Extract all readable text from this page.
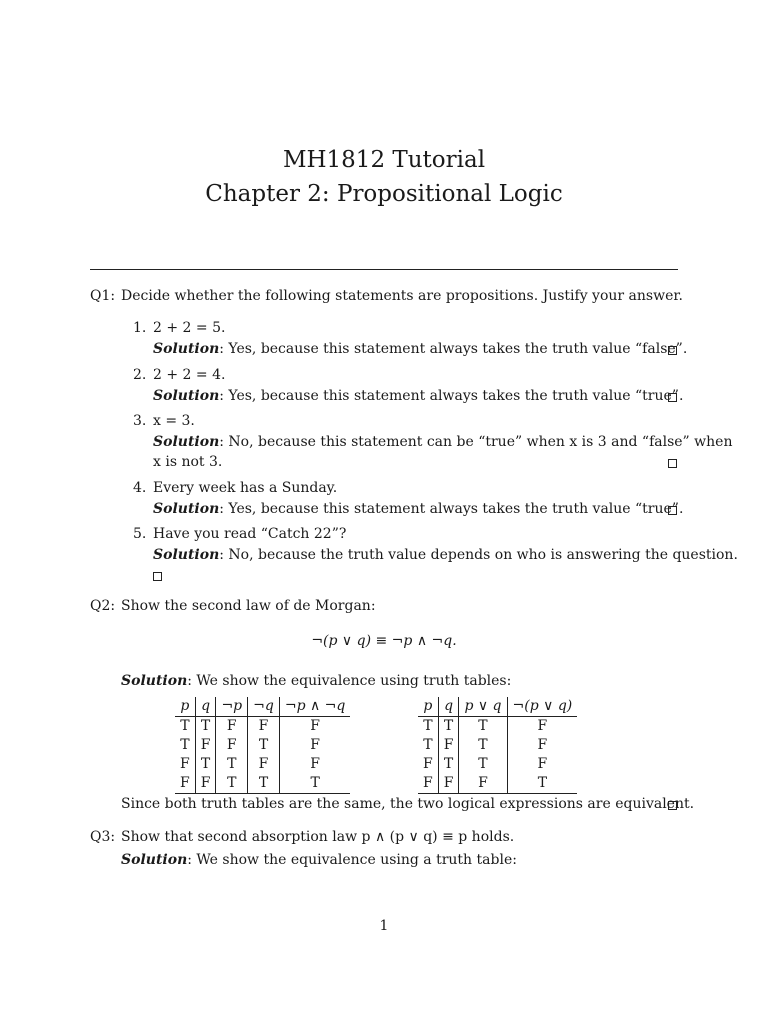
MH1812 Tutorial
Chapter 2: Propositional Logic
Q1: Decide whether the following statements are propositions. Justify your answer.
1. 2 + 2 = 5.
Solution: Yes, because this statement always takes the truth value “false”.
2. 2 + 2 = 4.
Solution: Yes, because this statement always takes the truth value “true”.
3. x = 3.
Solution: No, because this statement can be “true” when x is 3 and “false” when
x is not 3.
4. Every week has a Sunday.
Solution: Yes, because this statement always takes the truth value “true”.
5. Have you read “Catch 22”?
Solution: No, because the truth value depends on who is answering the question.
Q2: Show the second law of de Morgan:
¬(p ∨ q) ≡ ¬p ∧ ¬q.
Solution: We show the equivalence using truth tables:
p	q	¬p	¬q	¬p ∧ ¬q
T	T	F	F	F
T	F	F	T	F
F	T	T	F	F
F	F	T	T	T
p	q	p ∨ q	¬(p ∨ q)
T	T	T	F
T	F	T	F
F	T	T	F
F	F	F	T
Since both truth tables are the same, the two logical expressions are equivalent.
Q3: Show that second absorption law p ∧ (p ∨ q) ≡ p holds.
Solution: We show the equivalence using a truth table:
1
